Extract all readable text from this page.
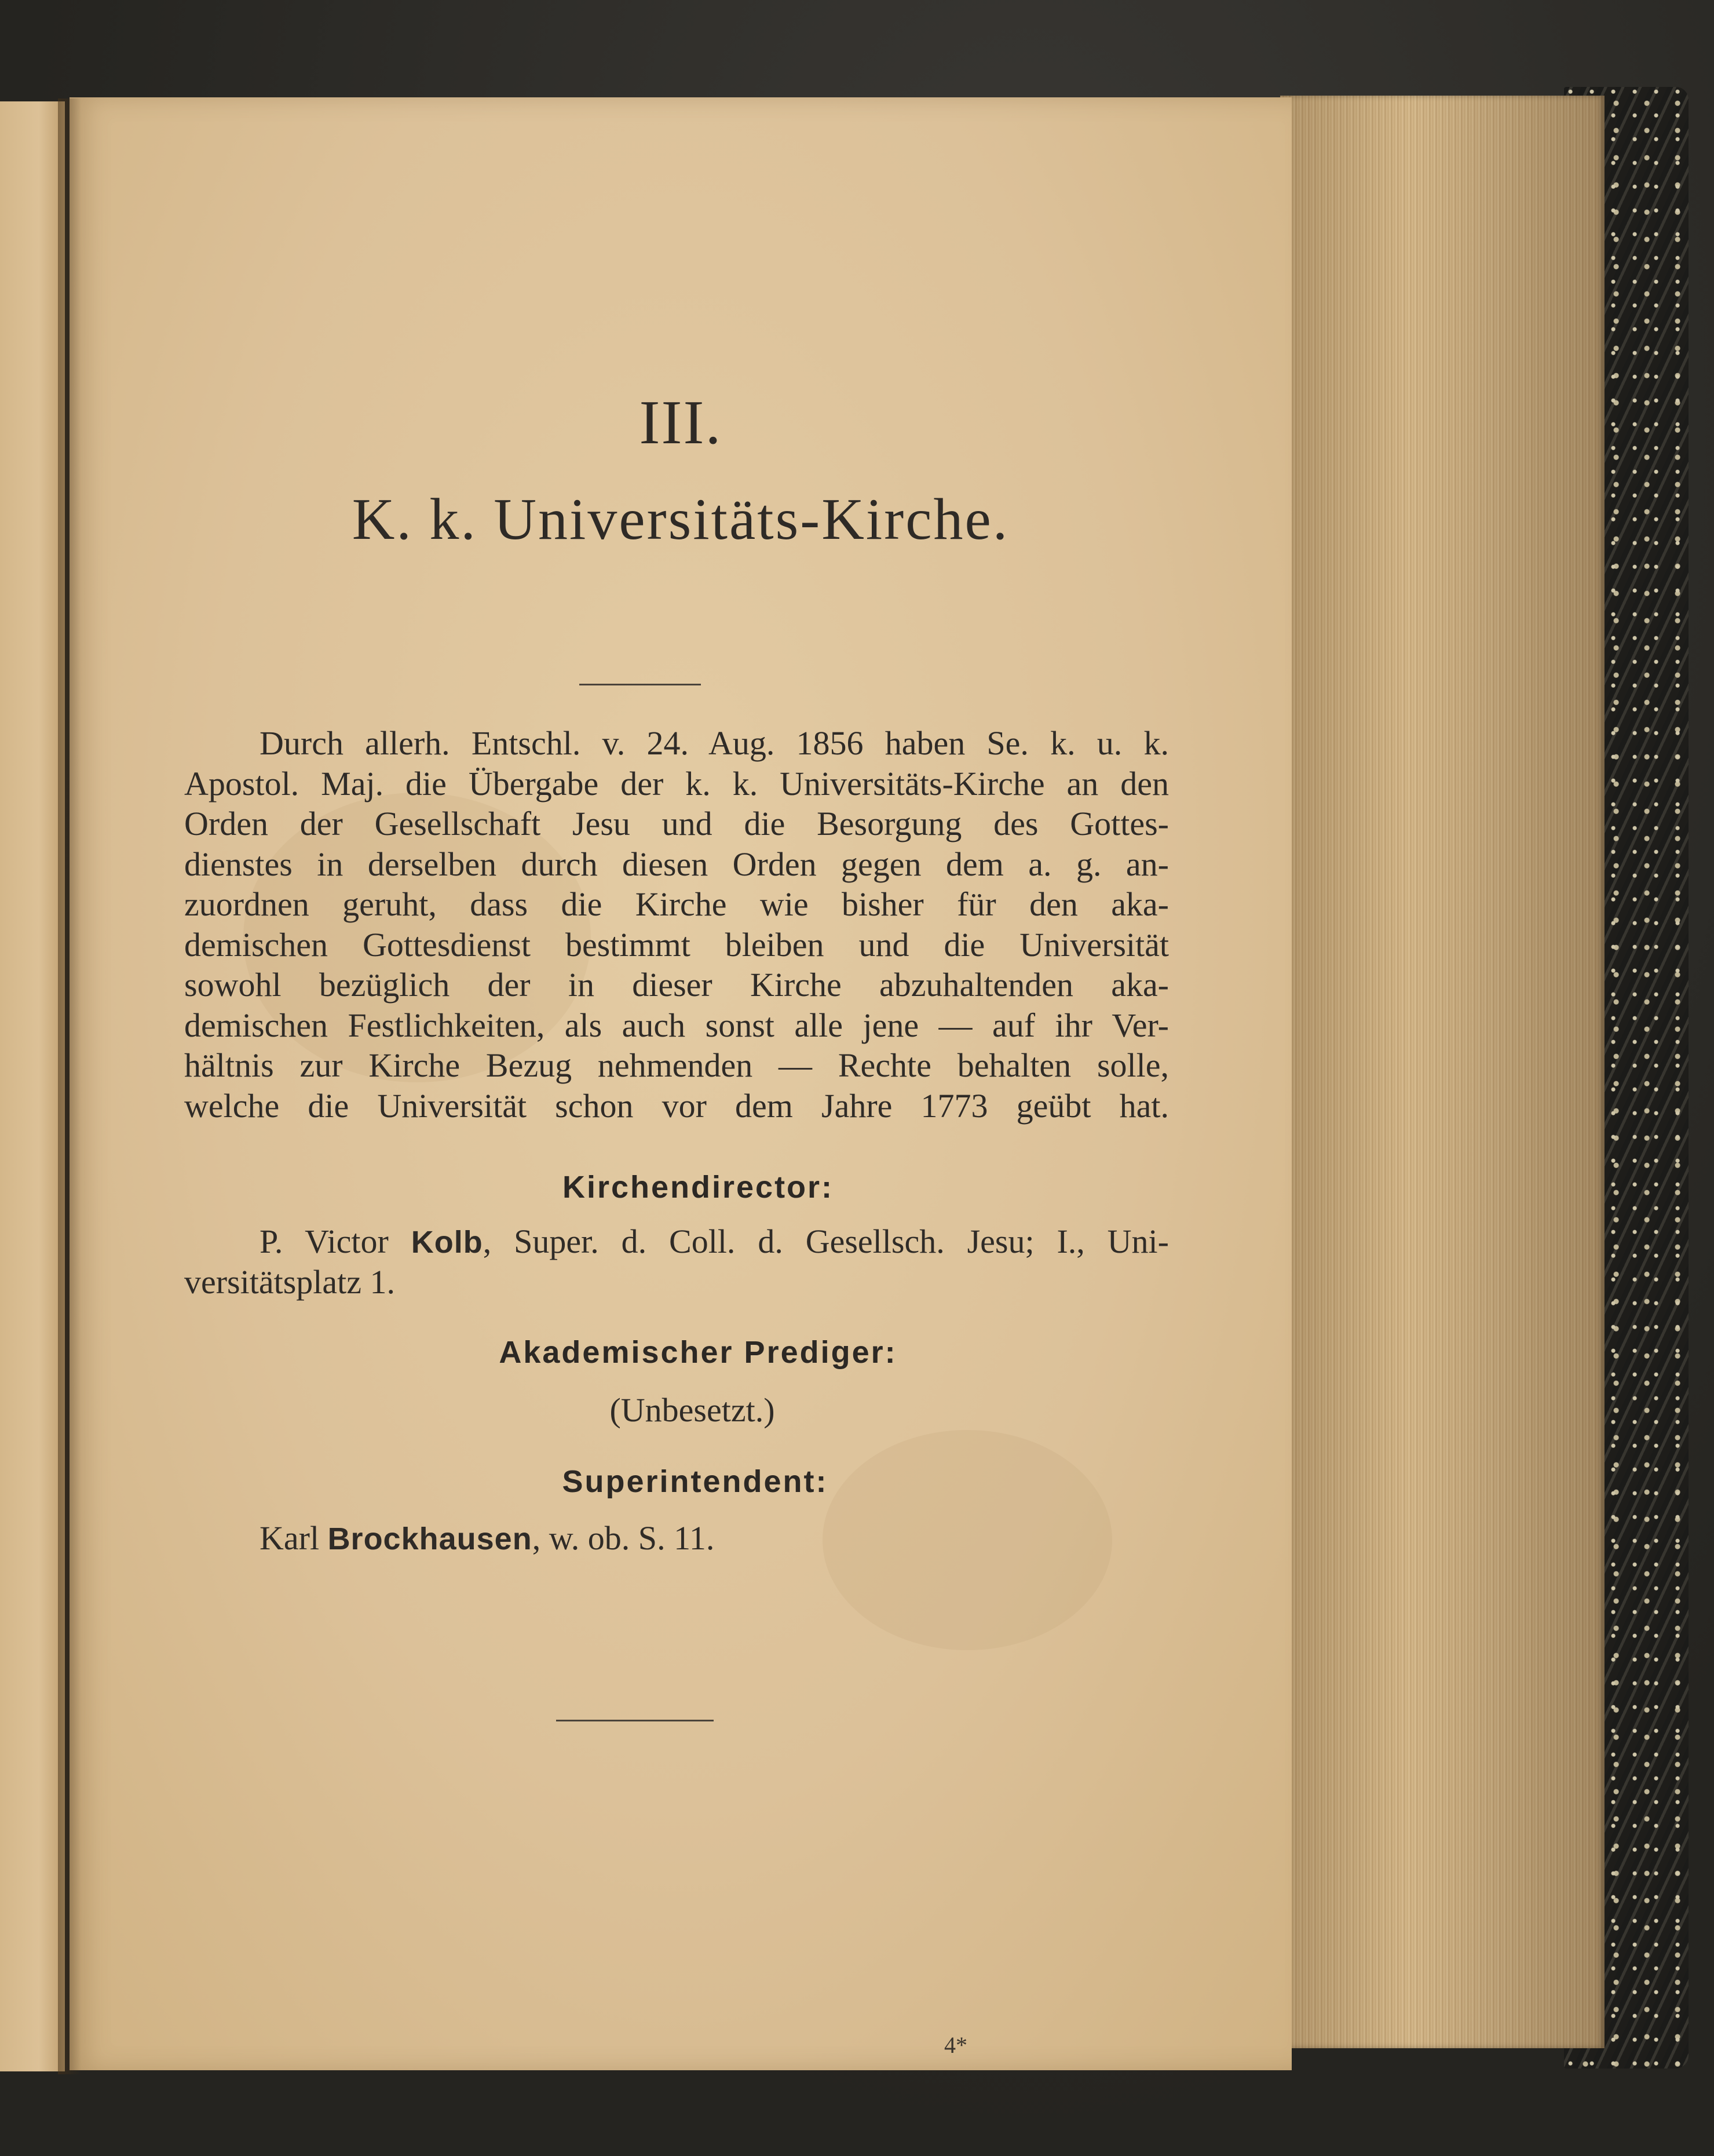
III.
K. k. Universitäts-Kirche.
Durch allerh. Entschl. v. 24. Aug. 1856 haben Se. k. u. k.
Apostol. Maj. die Übergabe der k. k. Universitäts-Kirche an den
Orden der Gesellschaft Jesu und die Besorgung des Gottes-
dienstes in derselben durch diesen Orden gegen dem a. g. an-
zuordnen geruht, dass die Kirche wie bisher für den aka-
demischen Gottesdienst bestimmt bleiben und die Universität
sowohl bezüglich der in dieser Kirche abzuhaltenden aka-
demischen Festlichkeiten, als auch sonst alle jene — auf ihr Ver-
hältnis zur Kirche Bezug nehmenden — Rechte behalten solle,
welche die Universität schon vor dem Jahre 1773 geübt hat.
Kirchendirector:
P. Victor Kolb, Super. d. Coll. d. Gesellsch. Jesu; I., Uni-
versitätsplatz 1.
Akademischer Prediger:
(Unbesetzt.)
Superintendent:
Karl Brockhausen, w. ob. S. 11.
4*
